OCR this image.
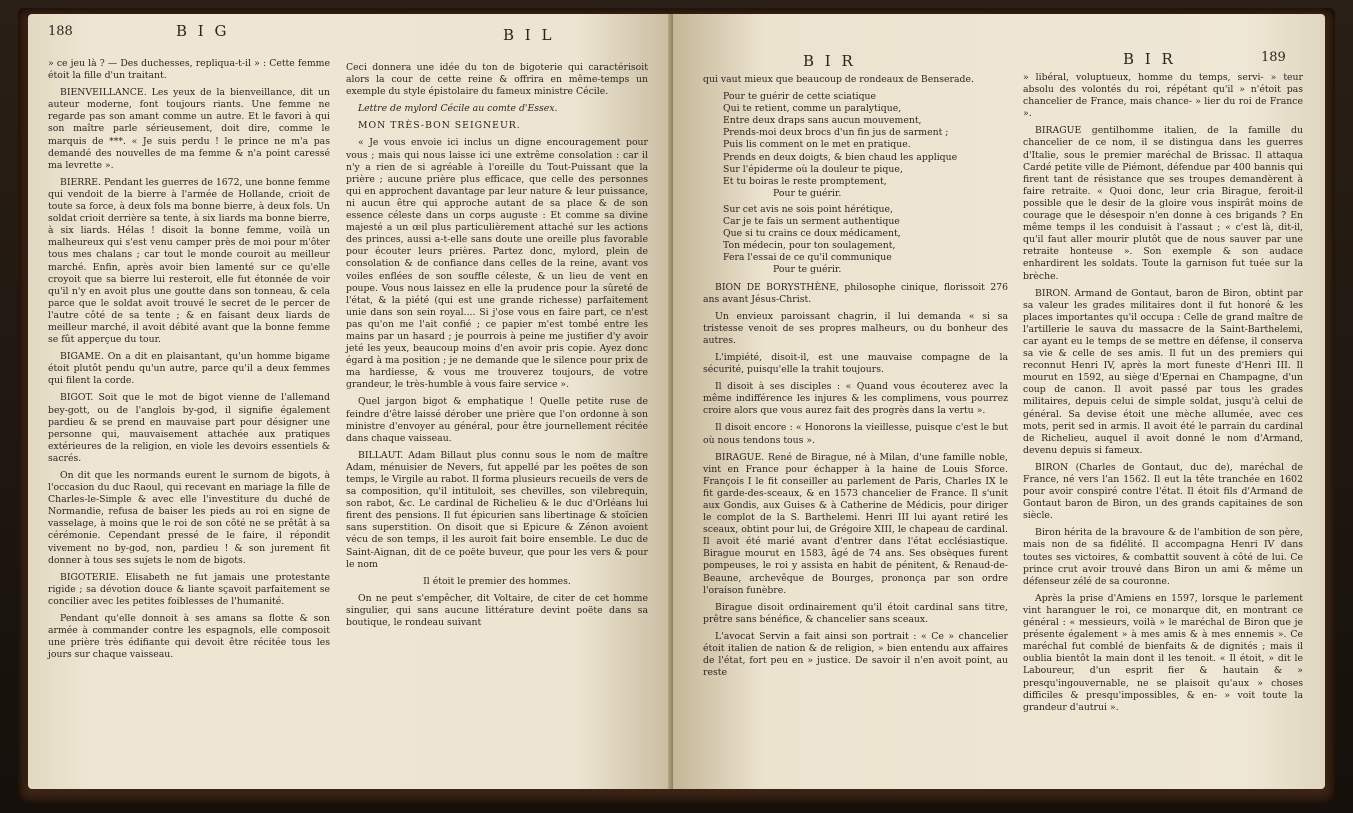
188	B I G	B I L

» ce jeu là ? — Des duchesses, repliqua-t-il » : Cette femme étoit la fille d'un traitant.

BIENVEILLANCE. Les yeux de la bienveillance, dit un auteur moderne, font toujours riants. Une femme ne regarde pas son amant comme un autre. Et le favori à qui son maître parle sérieusement, doit dire, comme le marquis de ***. « Je suis perdu ! le prince ne m'a pas demandé des nouvelles de ma femme & n'a point caressé ma levrette ».

BIERRE. Pendant les guerres de 1672, une bonne femme qui vendoit de la bierre à l'armée de Hollande, crioit de toute sa force, à deux fols ma bonne bierre, à deux fols. Un soldat crioit derrière sa tente, à six liards ma bonne bierre, à six liards. Hélas ! disoit la bonne femme, voilà un malheureux qui s'est venu camper près de moi pour m'ôter tous mes chalans ; car tout le monde couroit au meilleur marché. Enfin, après avoir bien lamenté sur ce qu'elle croyoit que sa bierre lui resteroit, elle fut étonnée de voir qu'il n'y en avoit plus une goutte dans son tonneau, & cela parce que le soldat avoit trouvé le secret de le percer de l'autre côté de sa tente ; & en faisant deux liards de meilleur marché, il avoit débité avant que la bonne femme se fût apperçue du tour.

BIGAME. On a dit en plaisantant, qu'un homme bigame étoit plutôt pendu qu'un autre, parce qu'il a deux femmes qui filent la corde.

BIGOT. Soit que le mot de bigot vienne de l'allemand bey-gott, ou de l'anglois by-god, il signifie également pardieu & se prend en mauvaise part pour désigner une personne qui, mauvaisement attachée aux pratiques extérieures de la religion, en viole les devoirs essentiels & sacrés.

On dit que les normands eurent le surnom de bigots, à l'occasion du duc Raoul, qui recevant en mariage la fille de Charles-le-Simple & avec elle l'investiture du duché de Normandie, refusa de baiser les pieds au roi en signe de vasselage, à moins que le roi de son côté ne se prêtât à sa cérémonie. Cependant pressé de le faire, il répondit vivement no by-god, non, pardieu ! & son jurement fit donner à tous ses sujets le nom de bigots.

BIGOTERIE. Elisabeth ne fut jamais une protestante rigide ; sa dévotion douce & liante sçavoit parfaitement se concilier avec les petites foiblesses de l'humanité.

Pendant qu'elle donnoit à ses amans sa flotte & son armée à commander contre les espagnols, elle composoit une prière très édifiante qui devoit être récitée tous les jours sur chaque vaisseau.

Ceci donnera une idée du ton de bigoterie qui caractérisoit alors la cour de cette reine & offrira en même-temps un exemple du style épistolaire du fameux ministre Cécile.

Lettre de mylord Cécile au comte d'Essex.

MON TRÈS-BON SEIGNEUR.

« Je vous envoie ici inclus un digne encouragement pour vous ; mais qui nous laisse ici une extrême consolation : car il n'y a rien de si agréable à l'oreille du Tout-Puissant que la prière ; aucune prière plus efficace, que celle des personnes qui en approchent davantage par leur nature & leur puissance, ni aucun être qui approche autant de sa place & de son essence céleste dans un corps auguste : Et comme sa divine majesté a un œil plus particulièrement attaché sur les actions des princes, aussi a-t-elle sans doute une oreille plus favorable pour écouter leurs prières. Partez donc, mylord, plein de consolation & de confiance dans celles de la reine, avant vos voiles enflées de son souffle céleste, & un lieu de vent en poupe. Vous nous laissez en elle la prudence pour la sûreté de l'état, & la piété (qui est une grande richesse) parfaitement unie dans son sein royal.... Si j'ose vous en faire part, ce n'est pas qu'on me l'ait confié ; ce papier m'est tombé entre les mains par un hasard ; je pourrois à peine me justifier d'y avoir jeté les yeux, beaucoup moins d'en avoir pris copie. Ayez donc égard à ma position ; je ne demande que le silence pour prix de ma hardiesse, & vous me trouverez toujours, de votre grandeur, le très-humble à vous faire service ».

Quel jargon bigot & emphatique ! Quelle petite ruse de feindre d'être laissé dérober une prière que l'on ordonne à son ministre d'envoyer au général, pour être journellement récitée dans chaque vaisseau.

BILLAUT. Adam Billaut plus connu sous le nom de maître Adam, ménuisier de Nevers, fut appellé par les poëtes de son temps, le Virgile au rabot. Il forma plusieurs recueils de vers de sa composition, qu'il intituloit, ses chevilles, son vilebrequin, son rabot, &c. Le cardinal de Richelieu & le duc d'Orléans lui firent des pensions. Il fut épicurien sans libertinage & stoïcien sans superstition. On disoit que si Epicure & Zénon avoient vécu de son temps, il les auroit fait boire ensemble. Le duc de Saint-Aignan, dit de ce poëte buveur, que pour les vers & pour le nom

Il étoit le premier des hommes.

On ne peut s'empêcher, dit Voltaire, de citer de cet homme singulier, qui sans aucune littérature devint poëte dans sa boutique, le rondeau suivant

B I R	B I R	189

qui vaut mieux que beaucoup de rondeaux de Benserade.

Pour te guérir de cette sciatique

Qui te retient, comme un paralytique,

Entre deux draps sans aucun mouvement,

Prends-moi deux brocs d'un fin jus de sarment ;

Puis lis comment on le met en pratique.

Prends en deux doigts, & bien chaud les applique

Sur l'épiderme où la douleur te pique,

Et tu boiras le reste promptement,

Pour te guérir.

Sur cet avis ne sois point hérétique,

Car je te fais un serment authentique

Que si tu crains ce doux médicament,

Ton médecin, pour ton soulagement,

Fera l'essai de ce qu'il communique

Pour te guérir.

BION DE BORYSTHÈNE, philosophe cinique, florissoit 276 ans avant Jésus-Christ.

Un envieux paroissant chagrin, il lui demanda « si sa tristesse venoit de ses propres malheurs, ou du bonheur des autres.

L'impiété, disoit-il, est une mauvaise compagne de la sécurité, puisqu'elle la trahit toujours.

Il disoit à ses disciples : « Quand vous écouterez avec la même indifférence les injures & les complimens, vous pourrez croire alors que vous aurez fait des progrès dans la vertu ».

Il disoit encore : « Honorons la vieillesse, puisque c'est le but où nous tendons tous ».

BIRAGUE. René de Birague, né à Milan, d'une famille noble, vint en France pour échapper à la haine de Louis Sforce. François I le fit conseiller au parlement de Paris, Charles IX le fit garde-des-sceaux, & en 1573 chancelier de France. Il s'unit aux Gondis, aux Guises & à Catherine de Médicis, pour diriger le complot de la S. Barthelemi. Henri III lui ayant retiré les sceaux, obtint pour lui, de Grégoire XIII, le chapeau de cardinal. Il avoit été marié avant d'entrer dans l'état ecclésiastique. Birague mourut en 1583, âgé de 74 ans. Ses obsèques furent pompeuses, le roi y assista en habit de pénitent, & Renaud-de-Beaune, archevêque de Bourges, prononça par son ordre l'oraison funèbre.

Birague disoit ordinairement qu'il étoit cardinal sans titre, prêtre sans bénéfice, & chancelier sans sceaux.

L'avocat Servin a fait ainsi son portrait : « Ce » chancelier étoit italien de nation & de religion, » bien entendu aux affaires de l'état, fort peu en » justice. De savoir il n'en avoit point, au reste

» libéral, voluptueux, homme du temps, servi- » teur absolu des volontés du roi, répétant qu'il » n'étoit pas chancelier de France, mais chance- » lier du roi de France ».

BIRAGUE gentilhomme italien, de la famille du chancelier de ce nom, il se distingua dans les guerres d'Italie, sous le premier maréchal de Brissac. Il attaqua Cardé petite ville de Piémont, défendue par 400 bannis qui firent tant de résistance que ses troupes demandèrent à faire retraite. « Quoi donc, leur cria Birague, feroit-il possible que le desir de la gloire vous inspirât moins de courage que le désespoir n'en donne à ces brigands ? En même temps il les conduisit à l'assaut ; « c'est là, dit-il, qu'il faut aller mourir plutôt que de nous sauver par une retraite honteuse ». Son exemple & son audace enhardirent les soldats. Toute la garnison fut tuée sur la brèche.

BIRON. Armand de Gontaut, baron de Biron, obtint par sa valeur les grades militaires dont il fut honoré & les places importantes qu'il occupa : Celle de grand maître de l'artillerie le sauva du massacre de la Saint-Barthelemi, car ayant eu le temps de se mettre en défense, il conserva sa vie & celle de ses amis. Il fut un des premiers qui reconnut Henri IV, après la mort funeste d'Henri III. Il mourut en 1592, au siège d'Epernai en Champagne, d'un coup de canon. Il avoit passé par tous les grades militaires, depuis celui de simple soldat, jusqu'à celui de général. Sa devise étoit une mèche allumée, avec ces mots, perit sed in armis. Il avoit été le parrain du cardinal de Richelieu, auquel il avoit donné le nom d'Armand, devenu depuis si fameux.

BIRON (Charles de Gontaut, duc de), maréchal de France, né vers l'an 1562. Il eut la tête tranchée en 1602 pour avoir conspiré contre l'état. Il étoit fils d'Armand de Gontaut baron de Biron, un des grands capitaines de son siècle.

Biron hérita de la bravoure & de l'ambition de son père, mais non de sa fidélité. Il accompagna Henri IV dans toutes ses victoires, & combattit souvent à côté de lui. Ce prince crut avoir trouvé dans Biron un ami & même un défenseur zélé de sa couronne.

Après la prise d'Amiens en 1597, lorsque le parlement vint haranguer le roi, ce monarque dit, en montrant ce général : « messieurs, voilà » le maréchal de Biron que je présente également » à mes amis & à mes ennemis ». Ce maréchal fut comblé de bienfaits & de dignités ; mais il oublia bientôt la main dont il les tenoit. « Il étoit, » dit le Laboureur, d'un esprit fier & hautain & » presqu'ingouvernable, ne se plaisoit qu'aux » choses difficiles & presqu'impossibles, & en- » voit toute la grandeur d'autrui ».
